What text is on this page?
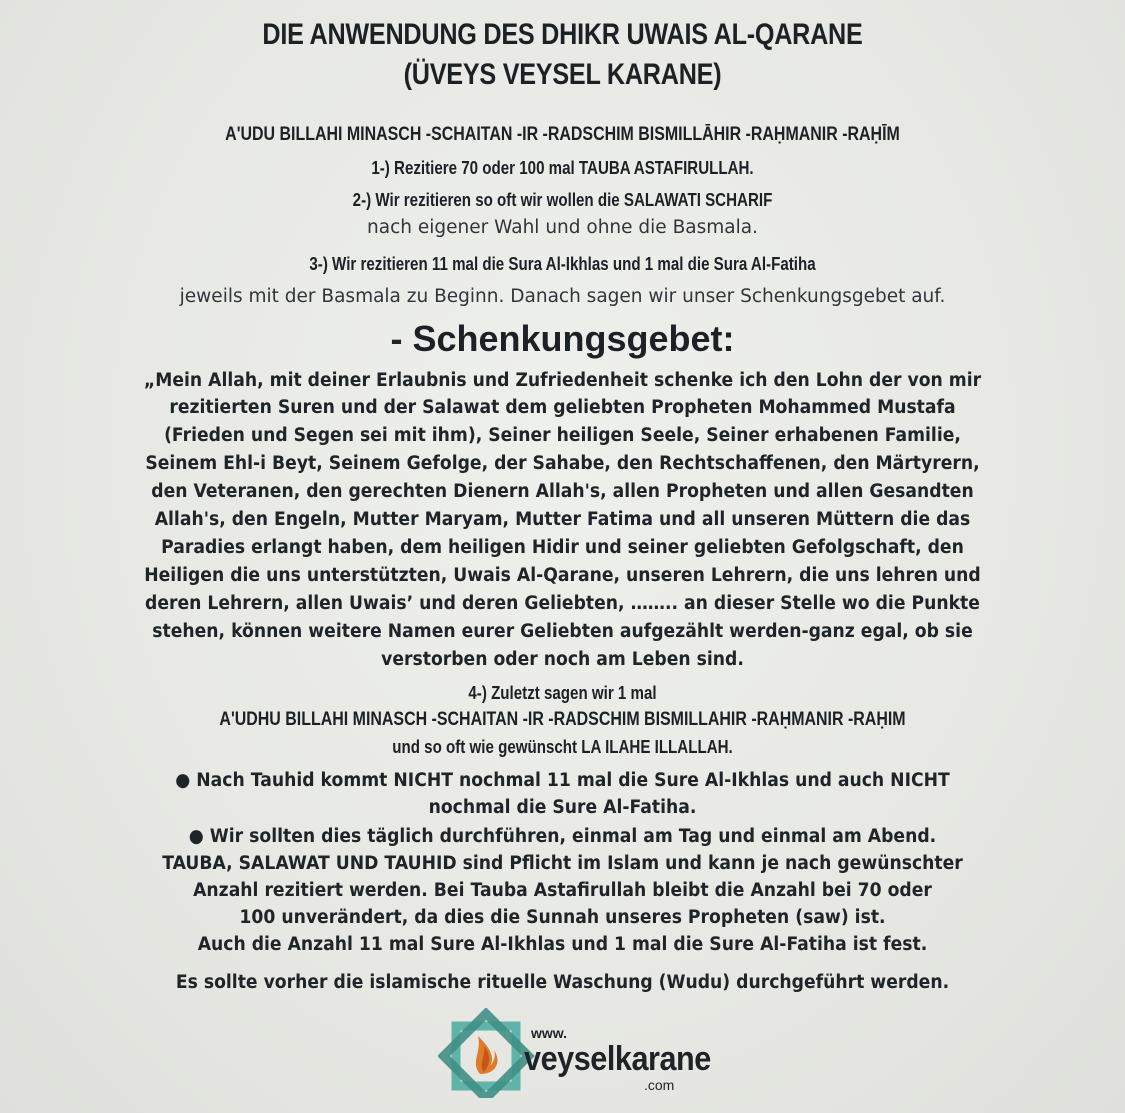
DIE ANWENDUNG DES DHIKR UWAIS AL-QARANE
(ÜVEYS VEYSEL KARANE)
A'UDU BILLAHI MINASCH -SCHAITAN -IR -RADSCHIM BISMILLĀHIR -RAḤMANIR -RAḤĪM
1-) Rezitiere 70 oder 100 mal TAUBA ASTAFIRULLAH.
2-) Wir rezitieren so oft wir wollen die SALAWATI SCHARIF
nach eigener Wahl und ohne die Basmala.
3-) Wir rezitieren 11 mal die Sura Al-Ikhlas und 1 mal die Sura Al-Fatiha
jeweils mit der Basmala zu Beginn. Danach sagen wir unser Schenkungsgebet auf.
- Schenkungsgebet:
„Mein Allah, mit deiner Erlaubnis und Zufriedenheit schenke ich den Lohn der von mir
rezitierten Suren und der Salawat dem geliebten Propheten Mohammed Mustafa
(Frieden und Segen sei mit ihm), Seiner heiligen Seele, Seiner erhabenen Familie,
Seinem Ehl-i Beyt, Seinem Gefolge, der Sahabe, den Rechtschaffenen, den Märtyrern,
den Veteranen, den gerechten Dienern Allah's, allen Propheten und allen Gesandten
Allah's, den Engeln, Mutter Maryam, Mutter Fatima und all unseren Müttern die das
Paradies erlangt haben, dem heiligen Hidir und seiner geliebten Gefolgschaft, den
Heiligen die uns unterstützten, Uwais Al-Qarane, unseren Lehrern, die uns lehren und
deren Lehrern, allen Uwais’ und deren Geliebten, …….. an dieser Stelle wo die Punkte
stehen, können weitere Namen eurer Geliebten aufgezählt werden-ganz egal, ob sie
verstorben oder noch am Leben sind.
4-) Zuletzt sagen wir 1 mal
A'UDHU BILLAHI MINASCH -SCHAITAN -IR -RADSCHIM BISMILLAHIR -RAḤMANIR -RAḤIM
und so oft wie gewünscht LA ILAHE ILLALLAH.
● Nach Tauhid kommt NICHT nochmal 11 mal die Sure Al-Ikhlas und auch NICHT
nochmal die Sure Al-Fatiha.
● Wir sollten dies täglich durchführen, einmal am Tag und einmal am Abend.
TAUBA, SALAWAT UND TAUHID sind Pflicht im Islam und kann je nach gewünschter
Anzahl rezitiert werden. Bei Tauba Astafirullah bleibt die Anzahl bei 70 oder
100 unverändert, da dies die Sunnah unseres Propheten (saw) ist.
Auch die Anzahl 11 mal Sure Al-Ikhlas und 1 mal die Sure Al-Fatiha ist fest.
Es sollte vorher die islamische rituelle Waschung (Wudu) durchgeführt werden.
www.
veyselkarane
.com
